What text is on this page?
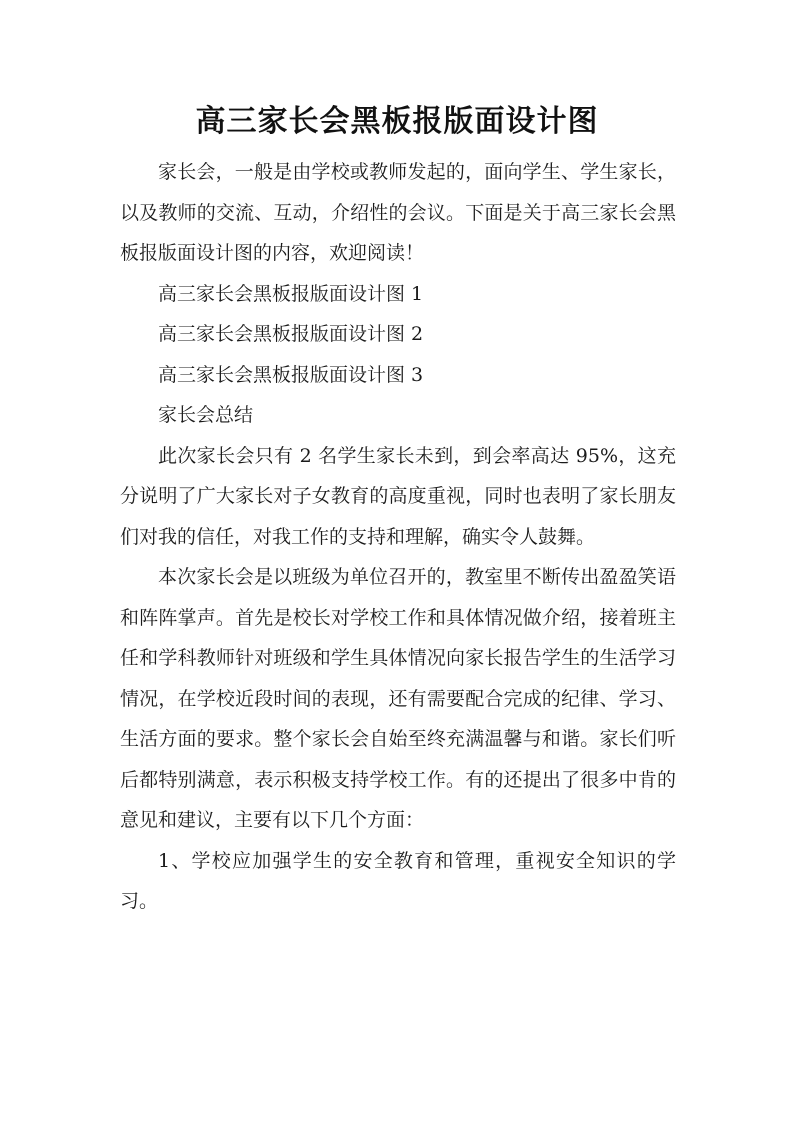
高三家长会黑板报版面设计图

家长会，一般是由学校或教师发起的，面向学生、学生家长，以及教师的交流、互动，介绍性的会议。下面是关于高三家长会黑板报版面设计图的内容，欢迎阅读！

高三家长会黑板报版面设计图 1

高三家长会黑板报版面设计图 2

高三家长会黑板报版面设计图 3

家长会总结

此次家长会只有 2 名学生家长未到，到会率高达 95%，这充分说明了广大家长对子女教育的高度重视，同时也表明了家长朋友们对我的信任，对我工作的支持和理解，确实令人鼓舞。

本次家长会是以班级为单位召开的，教室里不断传出盈盈笑语和阵阵掌声。首先是校长对学校工作和具体情况做介绍，接着班主任和学科教师针对班级和学生具体情况向家长报告学生的生活学习情况，在学校近段时间的表现，还有需要配合完成的纪律、学习、生活方面的要求。整个家长会自始至终充满温馨与和谐。家长们听后都特别满意，表示积极支持学校工作。有的还提出了很多中肯的意见和建议，主要有以下几个方面：

1、学校应加强学生的安全教育和管理，重视安全知识的学习。
